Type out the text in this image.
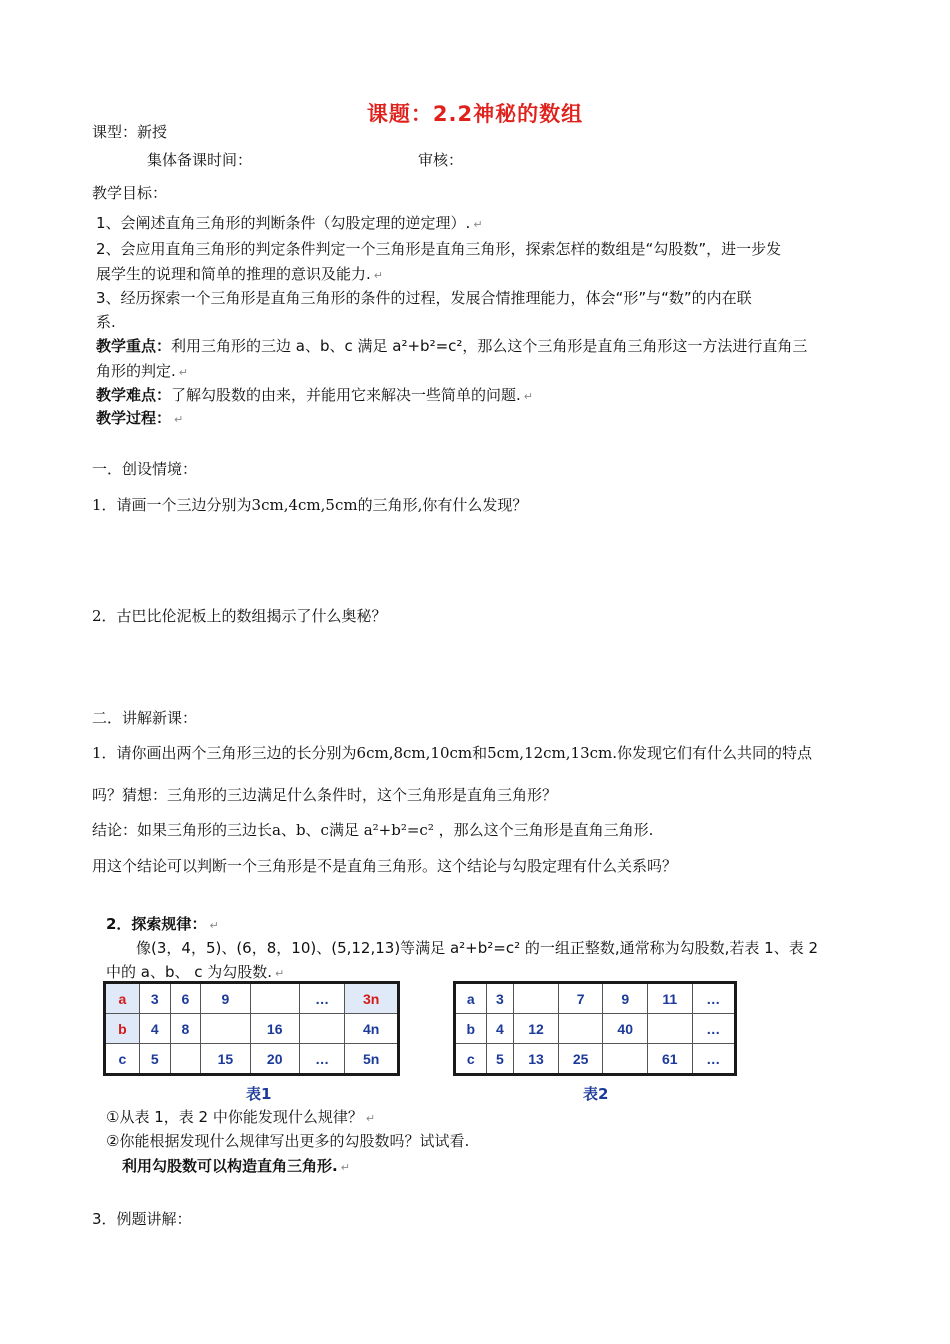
课题：2.2神秘的数组
课型：新授
集体备课时间：	审核：
教学目标：
1、会阐述直角三角形的判断条件（勾股定理的逆定理）. ↵
2、会应用直角三角形的判定条件判定一个三角形是直角三角形，探索怎样的数组是“勾股数”，进一步发
展学生的说理和简单的推理的意识及能力. ↵
3、经历探索一个三角形是直角三角形的条件的过程，发展合情推理能力，体会“形”与“数”的内在联
系.
教学重点：利用三角形的三边 a、b、c 满足 a²+b²=c²，那么这个三角形是直角三角形这一方法进行直角三
角形的判定. ↵
教学难点：了解勾股数的由来，并能用它来解决一些简单的问题. ↵
教学过程： ↵
一．创设情境：
1．请画一个三边分别为3cm,4cm,5cm的三角形,你有什么发现？
2．古巴比伦泥板上的数组揭示了什么奥秘？
二．讲解新课：
1．请你画出两个三角形三边的长分别为6cm,8cm,10cm和5cm,12cm,13cm.你发现它们有什么共同的特点
吗？猜想：三角形的三边满足什么条件时，这个三角形是直角三角形？
结论：如果三角形的三边长a、b、c满足 a²+b²=c² ，那么这个三角形是直角三角形.
用这个结论可以判断一个三角形是不是直角三角形。这个结论与勾股定理有什么关系吗？
2．探索规律： ↵
像(3，4，5)、(6，8，10)、(5,12,13)等满足 a²+b²=c² 的一组正整数,通常称为勾股数,若表 1、表 2
中的 a、b、 c 为勾股数. ↵
a	3	6	9		…	3n
b	4	8		16		4n
c	5		15	20	…	5n
a	3		7	9	11	…
b	4	12		40		…
c	5	13	25		61	…
表1	表2
①从表 1，表 2 中你能发现什么规律？ ↵
②你能根据发现什么规律写出更多的勾股数吗？试试看.
利用勾股数可以构造直角三角形. ↵
3．例题讲解：
